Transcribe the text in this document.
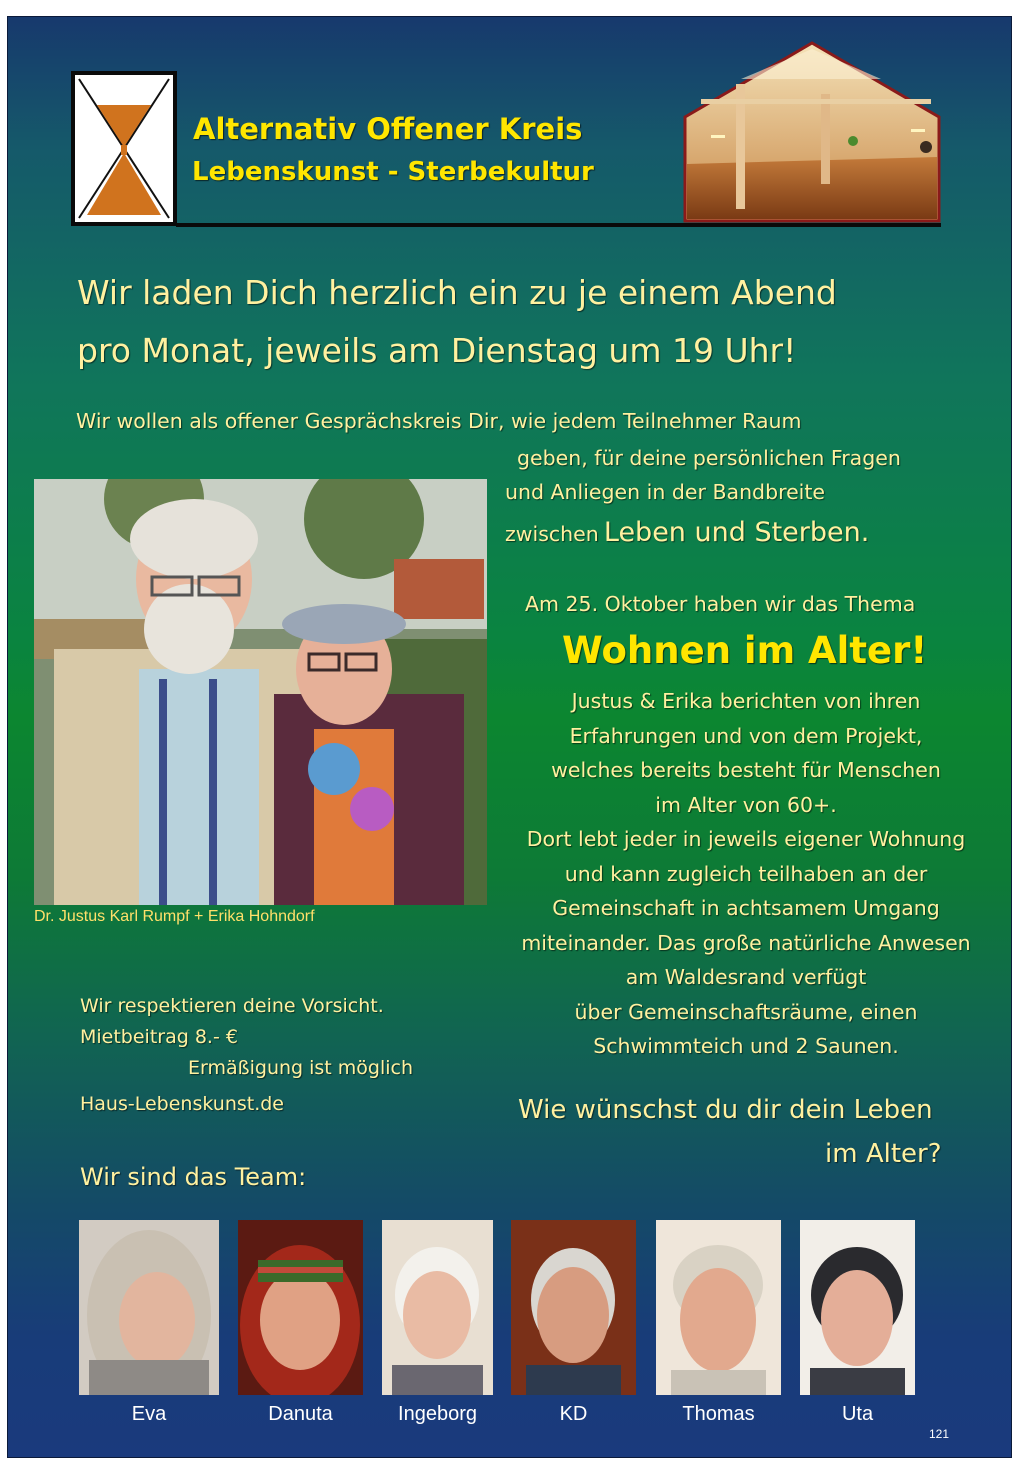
Alternativ Offener Kreis
Lebenskunst - Sterbekultur
Wir laden Dich herzlich ein zu je einem Abend
pro Monat, jeweils am Dienstag um 19 Uhr!
Wir wollen als offener Gesprächskreis Dir, wie jedem Teilnehmer Raum
geben, für deine persönlichen Fragen
und Anliegen in der Bandbreite
zwischen Leben und Sterben.
Dr. Justus Karl Rumpf + Erika Hohndorf
Am 25. Oktober haben wir das Thema
Wohnen im Alter!
Justus & Erika berichten von ihren
Erfahrungen und von dem Projekt,
welches bereits besteht für Menschen
im Alter von 60+.
Dort lebt jeder in jeweils eigener Wohnung
und kann zugleich teilhaben an der
Gemeinschaft in achtsamem Umgang
miteinander. Das große natürliche Anwesen
am Waldesrand verfügt
über Gemeinschaftsräume, einen
Schwimmteich und 2 Saunen.
Wir respektieren deine Vorsicht.
Mietbeitrag 8.- €
Ermäßigung ist möglich
Haus-Lebenskunst.de	Wie wünschst du dir dein Leben
im Alter?
Wir sind das Team:
Eva	Danuta	Ingeborg	KD	Thomas	Uta
121
